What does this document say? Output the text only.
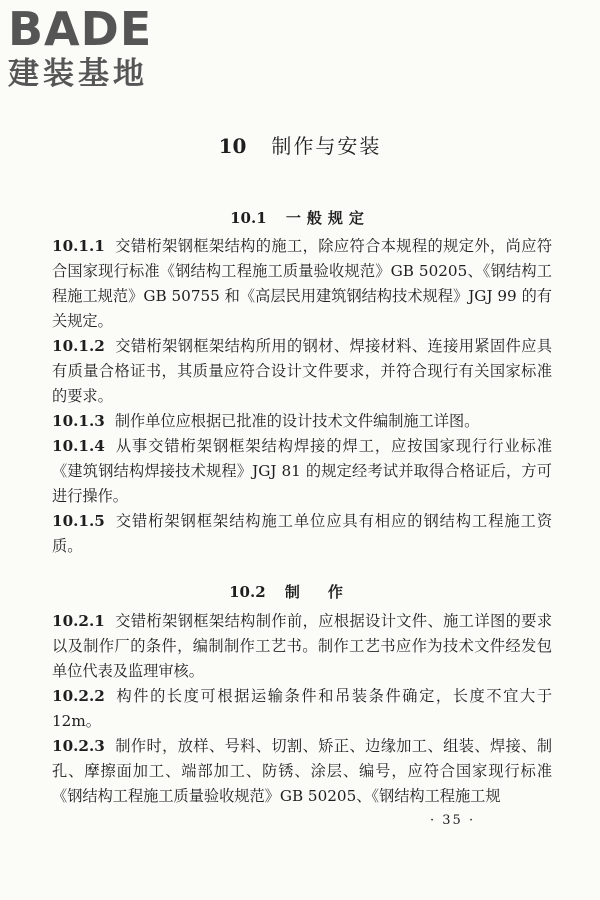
BADE
建装基地
10 制作与安装
10.1 一般规定

10.1.1 交错桁架钢框架结构的施工，除应符合本规程的规定外，尚应符合国家现行标准《钢结构工程施工质量验收规范》GB 50205、《钢结构工程施工规范》GB 50755 和《高层民用建筑钢结构技术规程》JGJ 99 的有关规定。

10.1.2 交错桁架钢框架结构所用的钢材、焊接材料、连接用紧固件应具有质量合格证书，其质量应符合设计文件要求，并符合现行有关国家标准的要求。

10.1.3 制作单位应根据已批准的设计技术文件编制施工详图。

10.1.4 从事交错桁架钢框架结构焊接的焊工，应按国家现行行业标准《建筑钢结构焊接技术规程》JGJ 81 的规定经考试并取得合格证后，方可进行操作。

10.1.5 交错桁架钢框架结构施工单位应具有相应的钢结构工程施工资质。

10.2 制作

10.2.1 交错桁架钢框架结构制作前，应根据设计文件、施工详图的要求以及制作厂的条件，编制制作工艺书。制作工艺书应作为技术文件经发包单位代表及监理审核。

10.2.2 构件的长度可根据运输条件和吊装条件确定，长度不宜大于 12m。

10.2.3 制作时，放样、号料、切割、矫正、边缘加工、组装、焊接、制孔、摩擦面加工、端部加工、防锈、涂层、编号，应符合国家现行标准《钢结构工程施工质量验收规范》GB 50205、《钢结构工程施工规

· 35 ·
